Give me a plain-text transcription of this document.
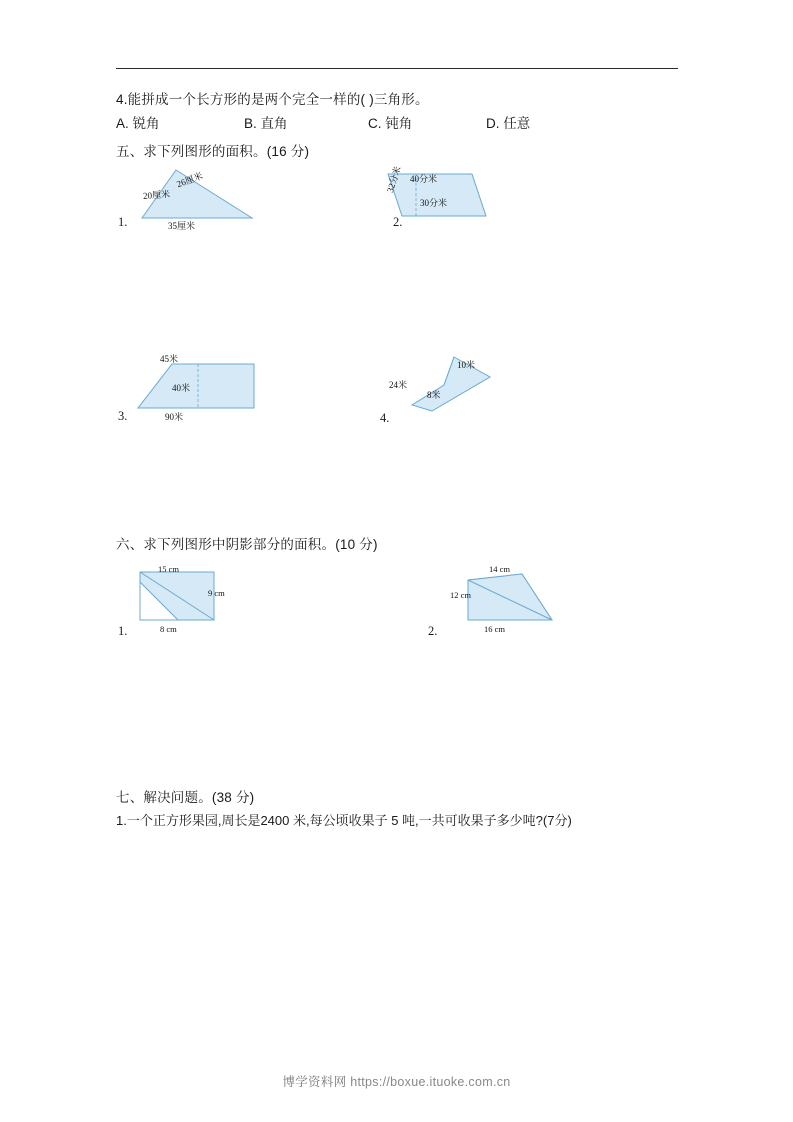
4.能拼成一个长方形的是两个完全一样的( )三角形。
A. 锐角	B. 直角	C. 钝角	D. 任意
五、求下列图形的面积。(16 分)
1.
26厘米
20厘米
35厘米	2.
40分米
30分米
32分米
3.
45米
40米
90米	4.
10米
24米
8米
六、求下列图形中阴影部分的面积。(10 分)
1.
15 cm
9 cm
8 cm	2.
14 cm
12 cm
16 cm
七、解决问题。(38 分)
1.一个正方形果园,周长是2400 米,每公顷收果子 5 吨,一共可收果子多少吨?(7分)
博学资料网 https://boxue.ituoke.com.cn
